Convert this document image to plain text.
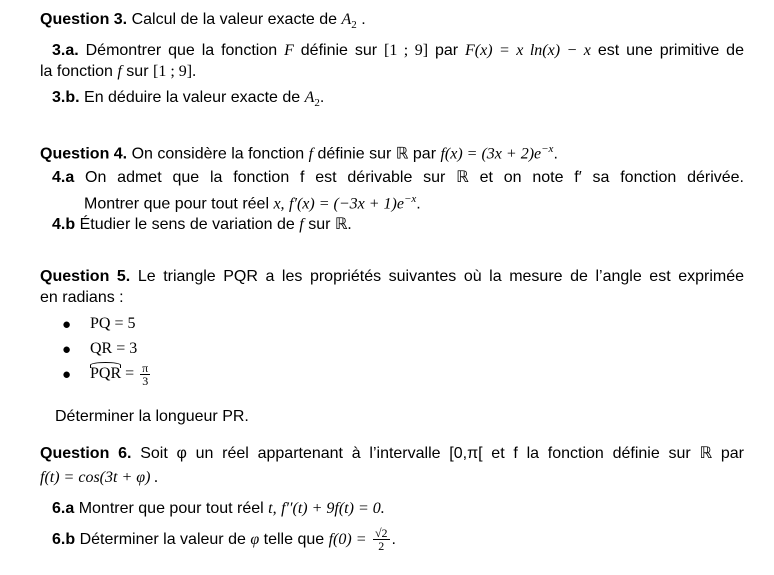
Question 3. Calcul de la valeur exacte de $A_2$ .
3.a. Démontrer que la fonction F définie sur [1 ; 9] par F(x) = x ln(x) − x est une primitive de
la fonction f sur [1 ; 9].
3.b. En déduire la valeur exacte de $A_2$.
Question 4. On considère la fonction f définie sur ℝ par $f(x) = (3x + 2)e^{-x}$.
4.a On admet que la fonction f est dérivable sur ℝ et on note f′ sa fonction dérivée.
Montrer que pour tout réel x, $f'(x) = (-3x + 1)e^{-x}$.
4.b Étudier le sens de variation de f sur ℝ.
Question 5. Le triangle PQR a les propriétés suivantes où la mesure de l’angle est exprimée
en radians :
● PQ = 5
● QR = 3
● PQR = $\frac{\pi}{3}$
Déterminer la longueur PR.
Question 6. Soit φ un réel appartenant à l’intervalle [0,π[ et f la fonction définie sur ℝ par
f(t) = cos(3t + φ) .
6.a Montrer que pour tout réel t, f′′(t) + 9f(t) = 0.
6.b Déterminer la valeur de φ telle que $f(0) = \frac{√2}{2}$ .
